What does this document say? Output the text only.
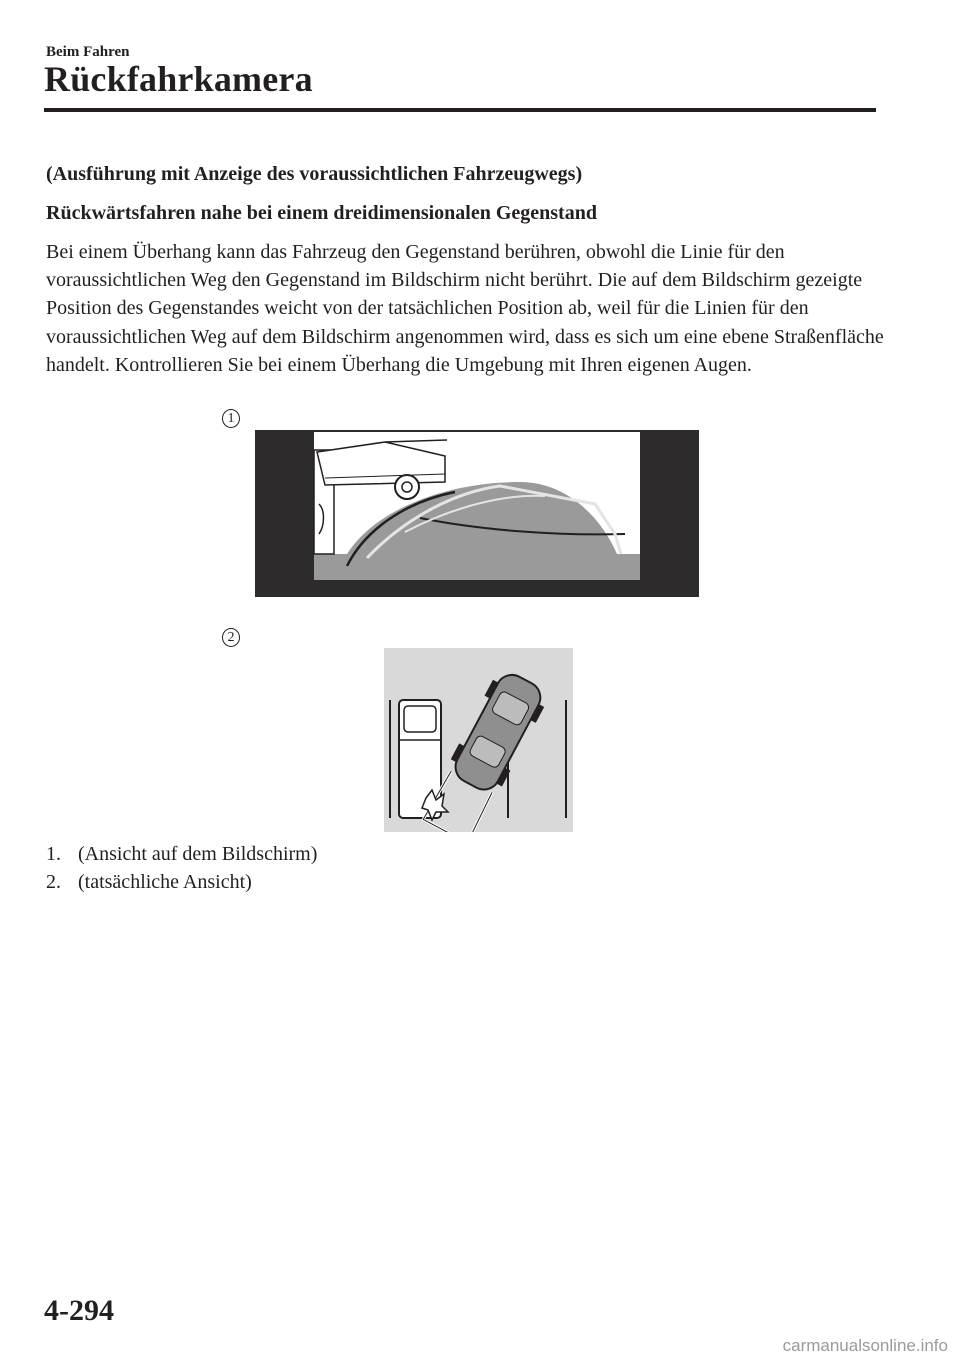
Beim Fahren
Rückfahrkamera

(Ausführung mit Anzeige des voraussichtlichen Fahrzeugwegs)

Rückwärtsfahren nahe bei einem dreidimensionalen Gegenstand

Bei einem Überhang kann das Fahrzeug den Gegenstand berühren, obwohl die Linie für den voraussichtlichen Weg den Gegenstand im Bildschirm nicht berührt. Die auf dem Bildschirm gezeigte Position des Gegenstandes weicht von der tatsächlichen Position ab, weil für die Linien für den voraussichtlichen Weg auf dem Bildschirm angenommen wird, dass es sich um eine ebene Straßenfläche handelt. Kontrollieren Sie bei einem Überhang die Umgebung mit Ihren eigenen Augen.

1
2
1. (Ansicht auf dem Bildschirm)
2. (tatsächliche Ansicht)
4-294
carmanualsonline.info
